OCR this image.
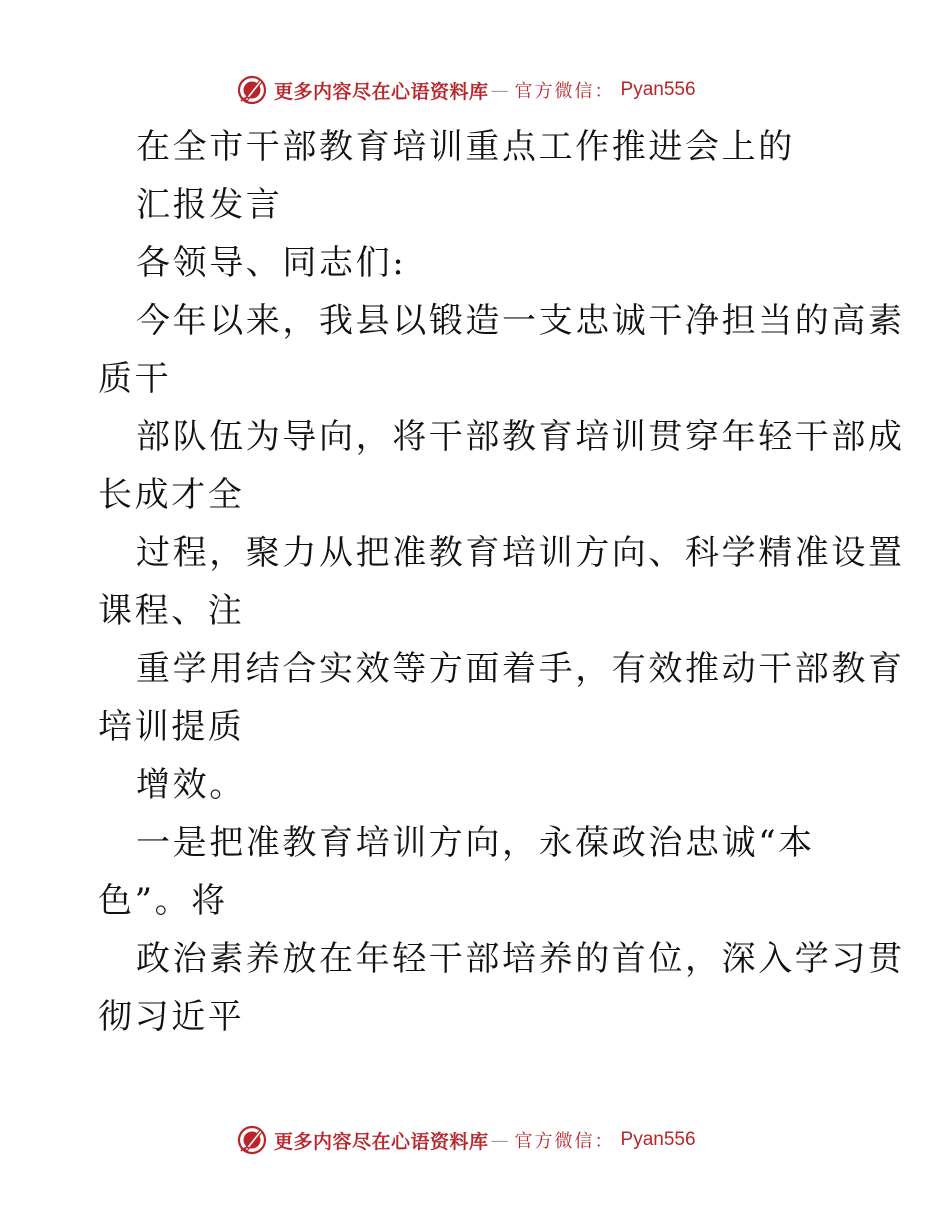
更多内容尽在心语资料库 — 官方微信： Pyan556
在全市干部教育培训重点工作推进会上的
汇报发言
各领导、同志们:
今年以来，我县以锻造一支忠诚干净担当的高素
质干
部队伍为导向，将干部教育培训贯穿年轻干部成
长成才全
过程，聚力从把准教育培训方向、科学精准设置
课程、注
重学用结合实效等方面着手，有效推动干部教育
培训提质
增效。
一是把准教育培训方向，永葆政治忠诚“本
色”。将
政治素养放在年轻干部培养的首位，深入学习贯
彻习近平
更多内容尽在心语资料库 — 官方微信： Pyan556
